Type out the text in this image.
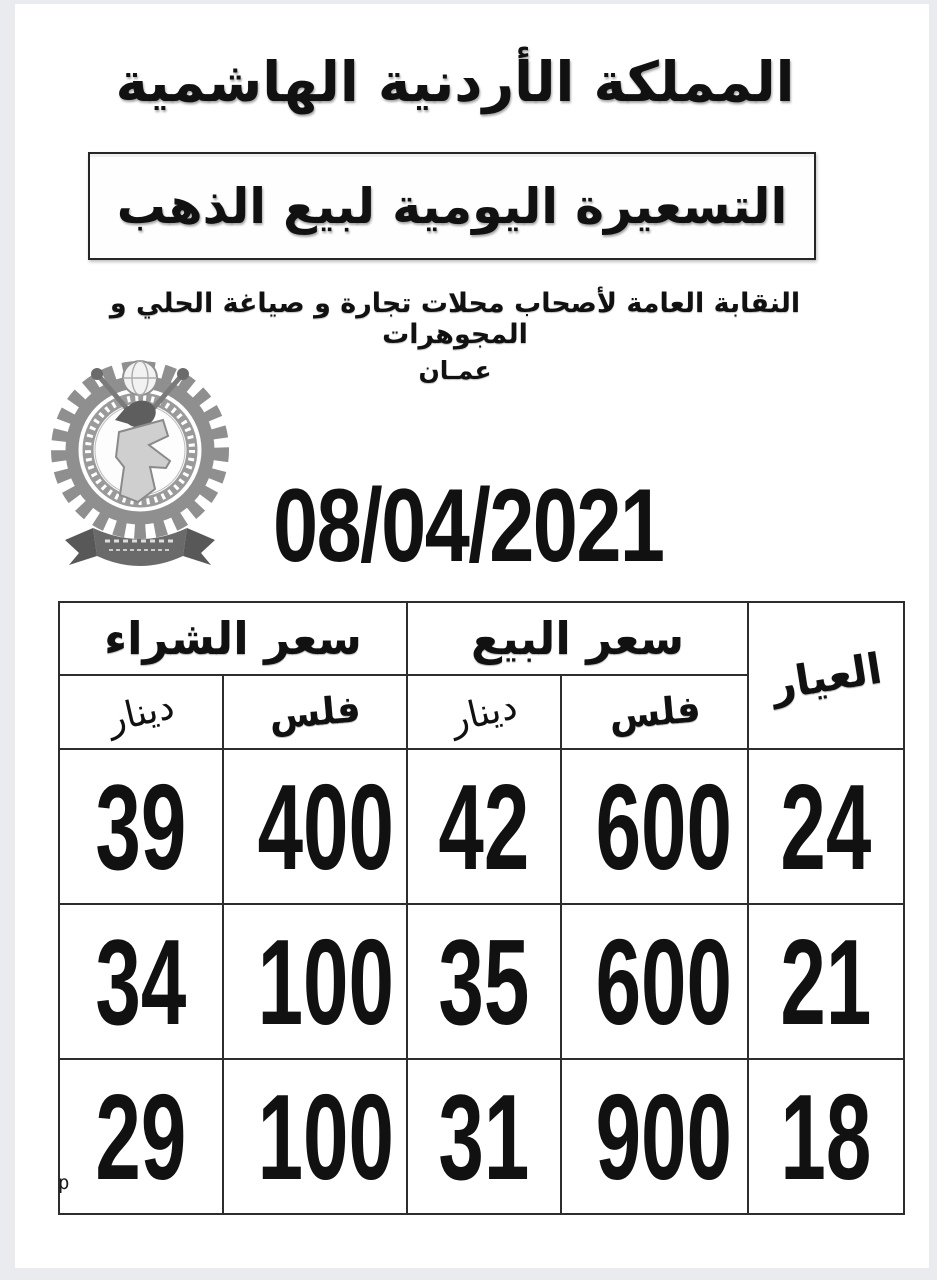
المملكة الأردنية الهاشمية
التسعيرة اليومية لبيع الذهب
النقابة العامة لأصحاب محلات تجارة و صياغة الحلي و المجوهرات
عمـان
08/04/2021
سعر الشراء		سعر البيع		العيار
دينار	فلس	دينار	فلس	
39	400	42	600	24
34	100	35	600	21
29	100	31	900	18
p
